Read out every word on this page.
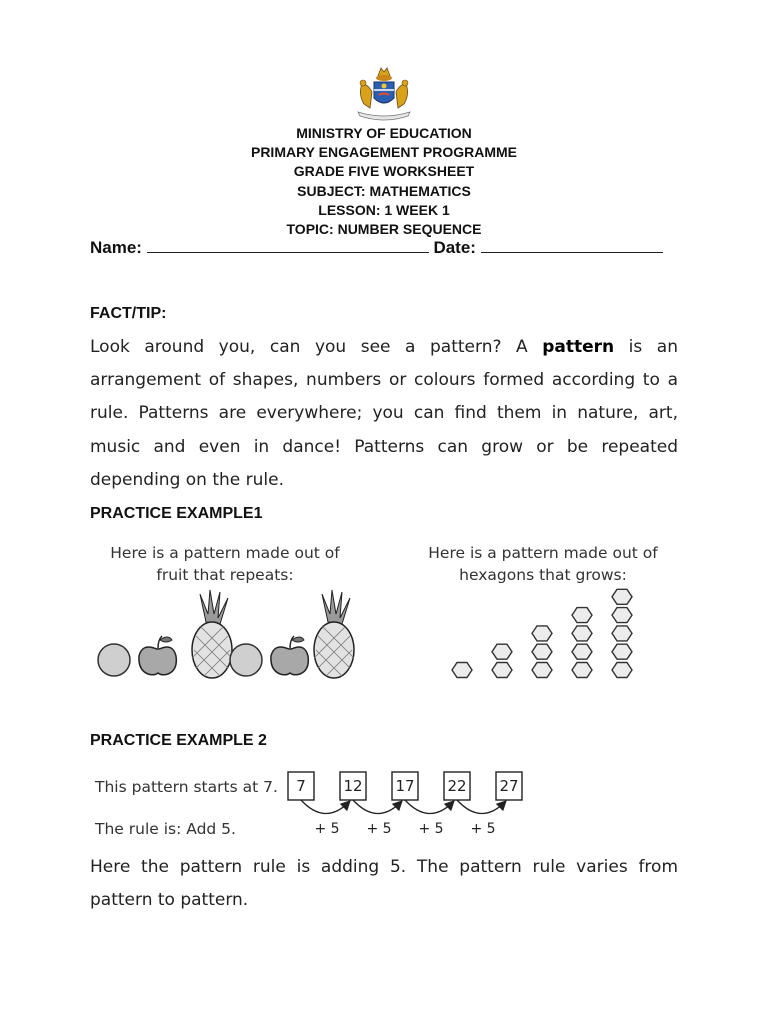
MINISTRY OF EDUCATION
PRIMARY ENGAGEMENT PROGRAMME
GRADE FIVE WORKSHEET
SUBJECT: MATHEMATICS
LESSON: 1 WEEK 1
TOPIC: NUMBER SEQUENCE
Name:	Date:
FACT/TIP:
Look around you, can you see a pattern? A pattern is an arrangement of shapes, numbers or colours formed according to a rule. Patterns are everywhere; you can find them in nature, art, music and even in dance! Patterns can grow or be repeated depending on the rule.
PRACTICE EXAMPLE1
Here is a pattern made out of
fruit that repeats:
Here is a pattern made out of
hexagons that grows:
PRACTICE EXAMPLE 2
This pattern starts at 7.
The rule is: Add 5.
7	12 17 22 27
+ 5 + 5 + 5 + 5
Here the pattern rule is adding 5. The pattern rule varies from pattern to pattern.
